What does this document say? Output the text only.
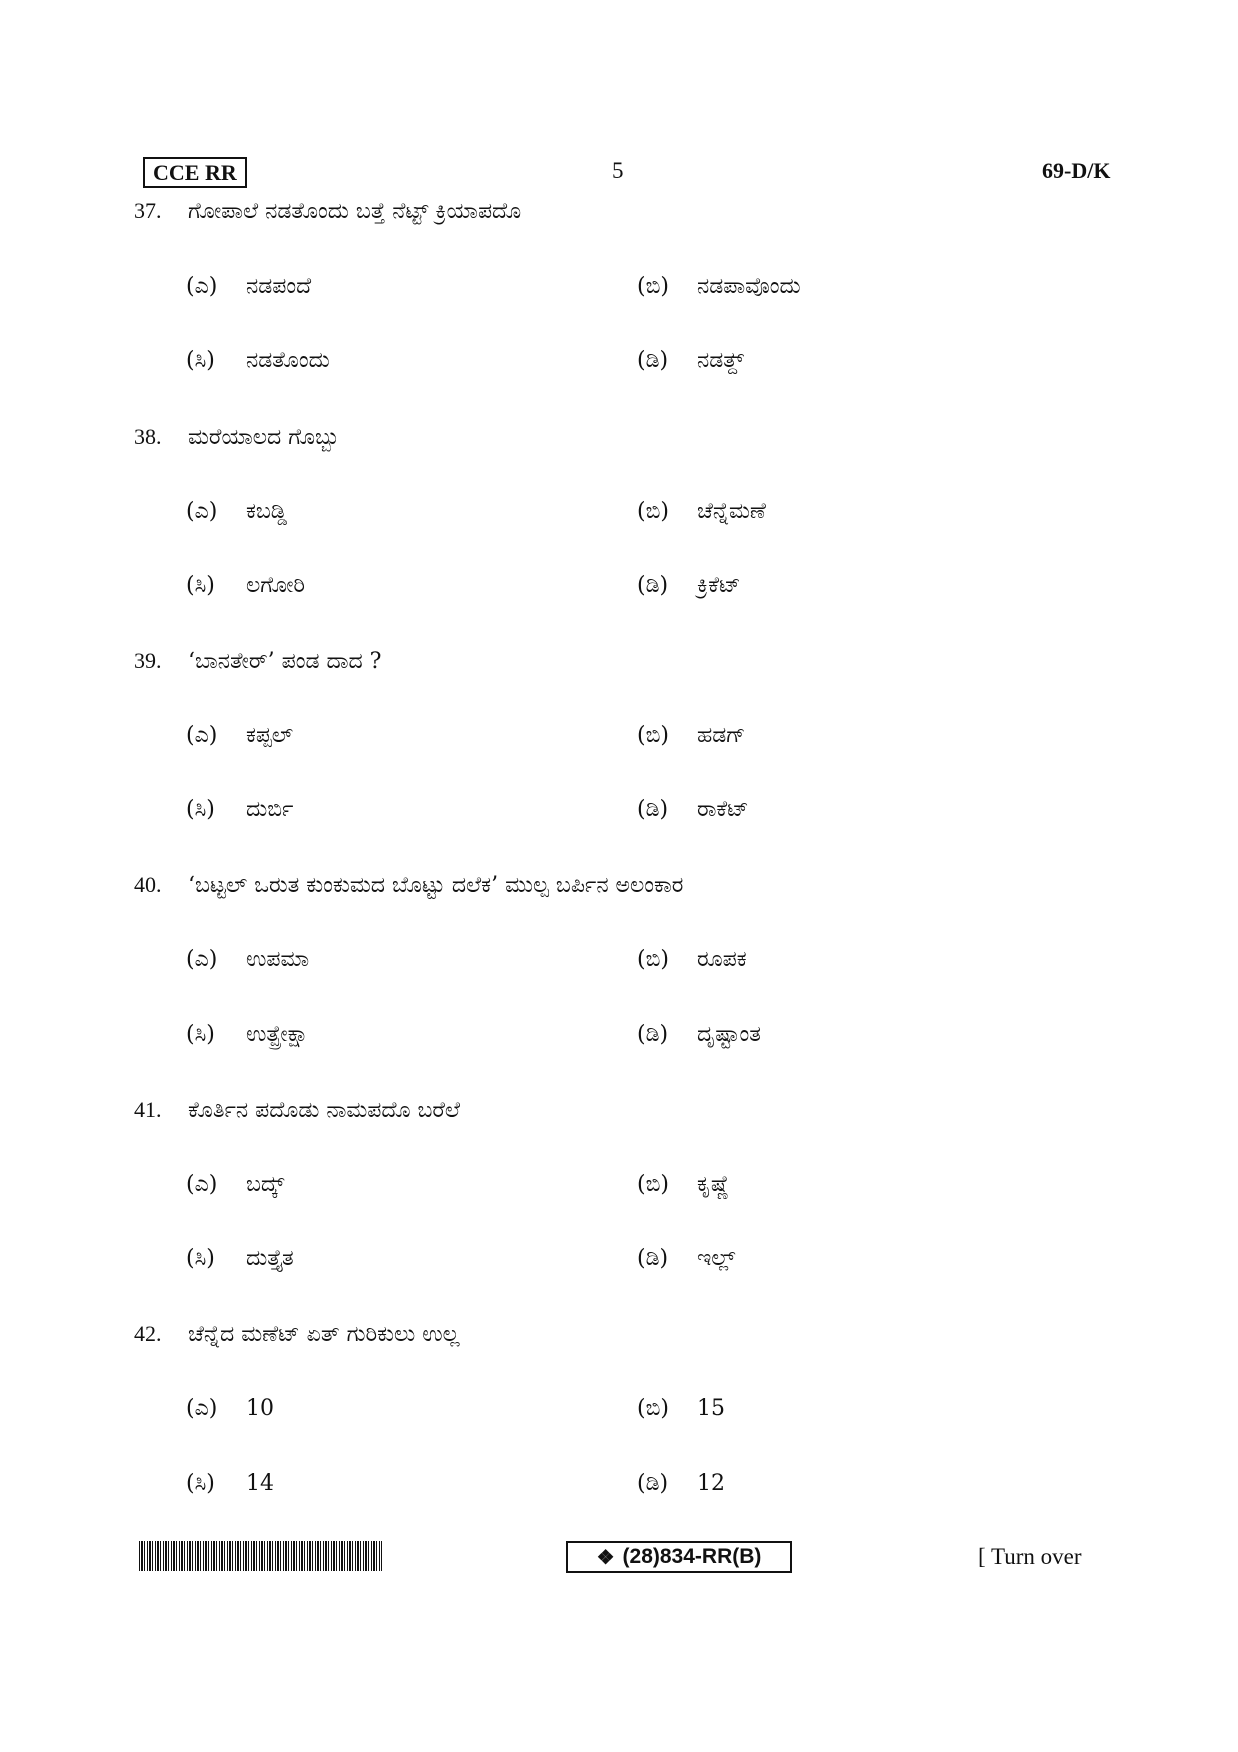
CCE RR	5	69-D/K
37. ಗೋಪಾಲೆ ನಡತೊಂದು ಬತ್ತೆ ನೆಟ್ಟ್ ಕ್ರಿಯಾಪದೊ
(ಎ) ನಡಪಂದೆ	(ಬಿ) ನಡಪಾವೊಂದು
(ಸಿ) ನಡತೊಂದು	(ಡಿ) ನಡತ್ದ್
38. ಮರೆಯಾಲದ ಗೊಬ್ಬು
(ಎ) ಕಬಡ್ಡಿ	(ಬಿ) ಚೆನ್ನೆಮಣೆ
(ಸಿ) ಲಗೋರಿ	(ಡಿ) ಕ್ರಿಕೆಟ್
39. ‘ಬಾನತೇರ್’ ಪಂಡ ದಾದ ?
(ಎ) ಕಪ್ಪಲ್	(ಬಿ) ಹಡಗ್
(ಸಿ) ದುರ್ಬಿ	(ಡಿ) ರಾಕೆಟ್
40. ‘ಬಟ್ಟಲ್ ಒರುತ ಕುಂಕುಮದ ಬೊಟ್ಟು ದಲೆಕ’ ಮುಲ್ಪ ಬರ್ಪಿನ ಅಲಂಕಾರ
(ಎ) ಉಪಮಾ	(ಬಿ) ರೂಪಕ
(ಸಿ) ಉತ್ಪ್ರೇಕ್ಷಾ	(ಡಿ) ದೃಷ್ಟಾಂತ
41. ಕೊರ್ತಿನ ಪದೊಡು ನಾಮಪದೊ ಬರೆಲೆ
(ಎ) ಬದ್ಕ್	(ಬಿ) ಕೃಷ್ಣೆ
(ಸಿ) ದುತ್ತೈತ	(ಡಿ) ಇಲ್ಲ್
42. ಚೆನ್ನೆದ ಮಣೆಟ್ ಏತ್ ಗುರಿಕುಲು ಉಲ್ಲ
(ಎ) 10	(ಬಿ) 15
(ಸಿ) 14	(ಡಿ) 12
❖ (28)834-RR(B)	[ Turn over
